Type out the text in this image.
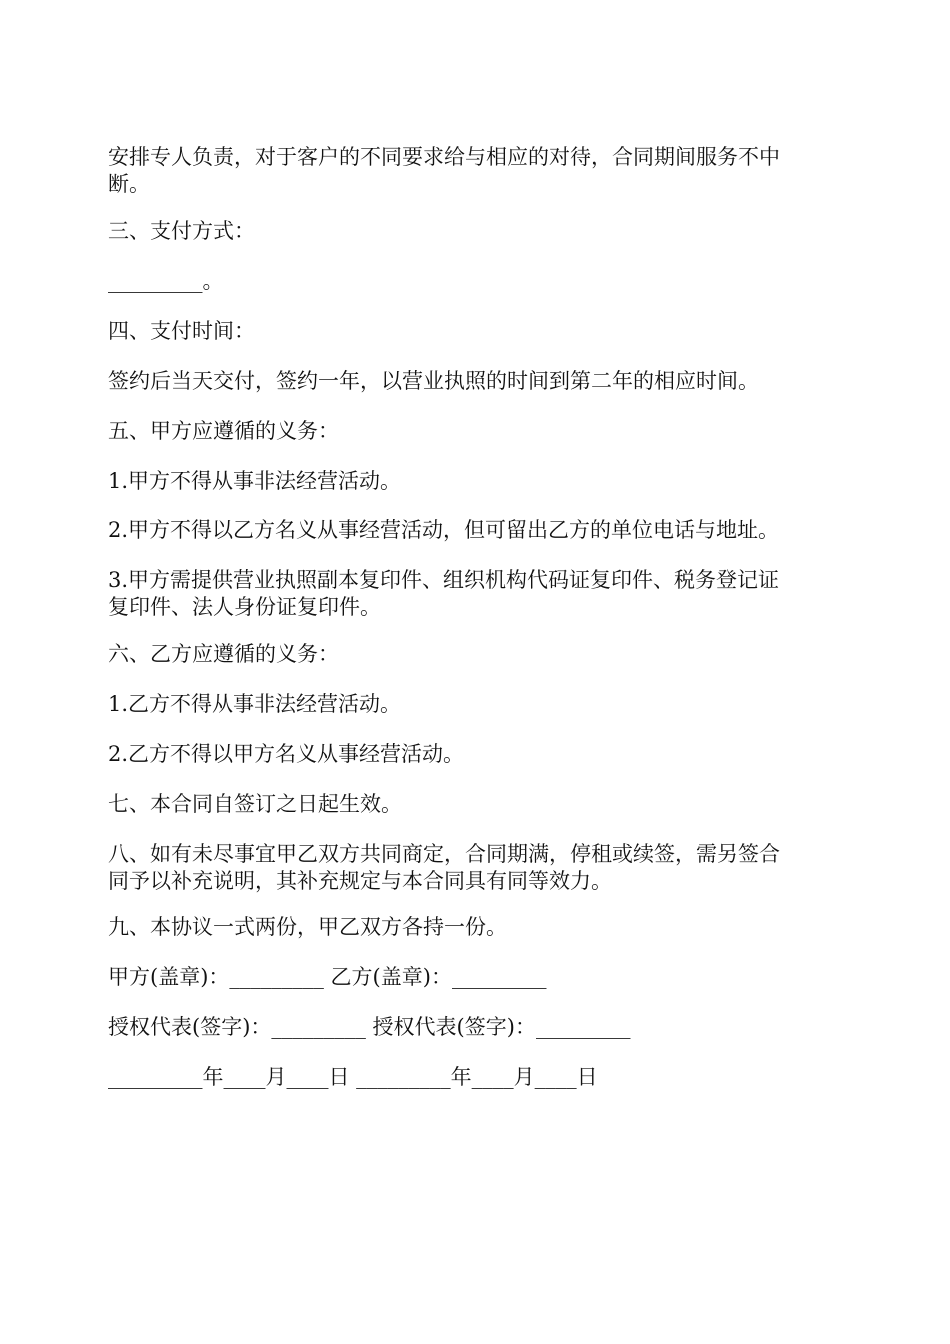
安排专人负责，对于客户的不同要求给与相应的对待，合同期间服务不中
断。

三、支付方式：

_________。

四、支付时间：

签约后当天交付，签约一年，以营业执照的时间到第二年的相应时间。

五、甲方应遵循的义务：

1.甲方不得从事非法经营活动。

2.甲方不得以乙方名义从事经营活动，但可留出乙方的单位电话与地址。

3.甲方需提供营业执照副本复印件、组织机构代码证复印件、税务登记证
复印件、法人身份证复印件。

六、乙方应遵循的义务：

1.乙方不得从事非法经营活动。

2.乙方不得以甲方名义从事经营活动。

七、本合同自签订之日起生效。

八、如有未尽事宜甲乙双方共同商定，合同期满，停租或续签，需另签合
同予以补充说明，其补充规定与本合同具有同等效力。

九、本协议一式两份，甲乙双方各持一份。

甲方(盖章)：_________ 乙方(盖章)：_________

授权代表(签字)：_________ 授权代表(签字)：_________

_________年____月____日 _________年____月____日
